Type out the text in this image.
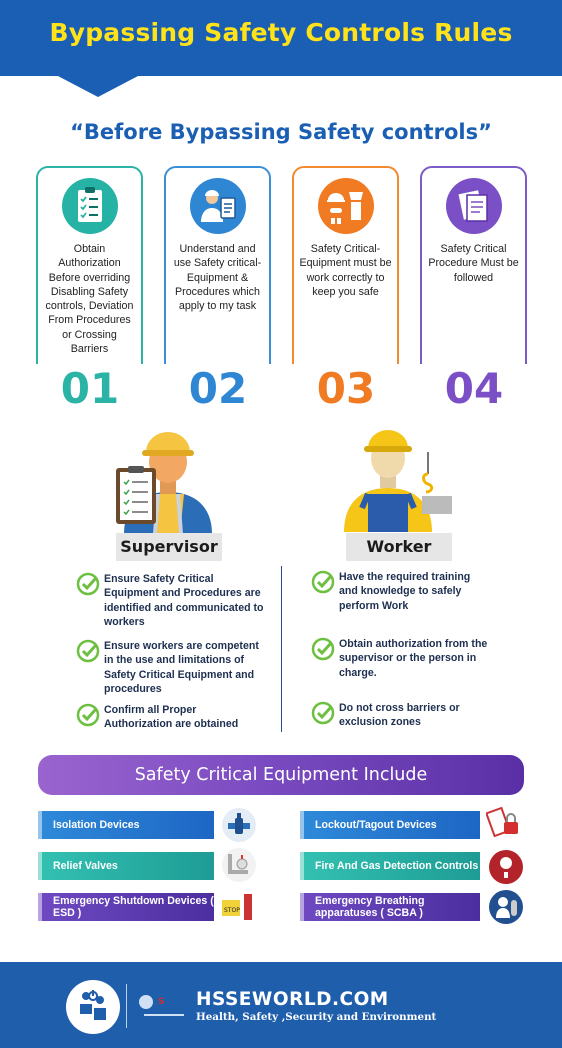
Bypassing Safety Controls Rules
“Before Bypassing Safety controls”
Obtain Authorization Before overriding Disabling Safety controls, Deviation From Procedures or Crossing Barriers
01
Understand and use Safety critical-Equipment & Procedures which apply to my task
02
Safety Critical-Equipment must be work correctly to keep you safe
03
Safety Critical Procedure Must be followed
04
Supervisor	Worker
Ensure Safety Critical Equipment and Procedures are identified and communicated to workers
Ensure workers are competent in the use and limitations of Safety Critical Equipment and procedures
Confirm all Proper Authorization are obtained
Have the required training and knowledge to safely perform Work
Obtain authorization from the supervisor or the person in charge.
Do not cross barriers or exclusion zones
Safety Critical Equipment Include
Isolation Devices
Relief Valves
Emergency Shutdown Devices ( ESD )	STOP
Lockout/Tagout Devices
Fire And Gas Detection Controls
Emergency Breathing apparatuses ( SCBA )
S HSSEWORLD.COM
Health, Safety ,Security and Environment
